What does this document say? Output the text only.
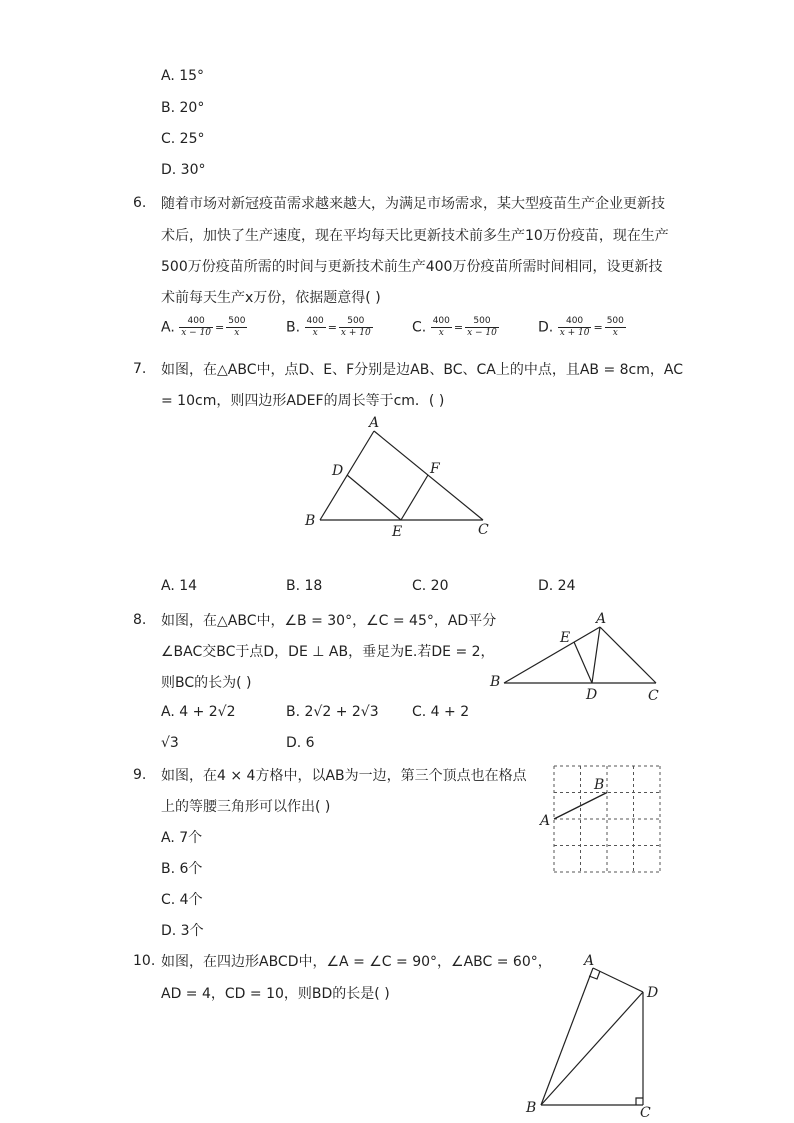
A. 15°
B. 20°
C. 25°
D. 30°
6. 随着市场对新冠疫苗需求越来越大，为满足市场需求，某大型疫苗生产企业更新技
术后，加快了生产速度，现在平均每天比更新技术前多生产10万份疫苗，现在生产
500万份疫苗所需的时间与更新技术前生产400万份疫苗所需时间相同，设更新技
术前每天生产x万份，依据题意得( )
A. $\frac{400}{x - 10} = \frac{500}{x}$	B. $\frac{400}{x} = \frac{500}{x + 10}$	C. $\frac{400}{x} = \frac{500}{x - 10}$	D. $\frac{400}{x + 10} = \frac{500}{x}$
7. 如图，在△ABC中，点D、E、F分别是边AB、BC、CA上的中点，且AB = 8cm，AC
= 10cm，则四边形ADEF的周长等于cm．( )
A
B
C
D
E
F
A. 14	B. 18	C. 20	D. 24
8. 如图，在△ABC中，∠B = 30°，∠C = 45°，AD平分
∠BAC交BC于点D，DE ⊥ AB，垂足为E.若DE = 2，
则BC的长为( )
A
B
C
D
E
A. 4 + 2√2	B. 2√2 + 2√3 C. 4 + 2
√3	D. 6
9. 如图，在4 × 4方格中，以AB为一边，第三个顶点也在格点
上的等腰三角形可以作出( )
A
B
A. 7个
B. 6个
C. 4个
D. 3个
10. 如图，在四边形ABCD中，∠A = ∠C = 90°，∠ABC = 60°，
AD = 4，CD = 10，则BD的长是( )
A
B	C
D
